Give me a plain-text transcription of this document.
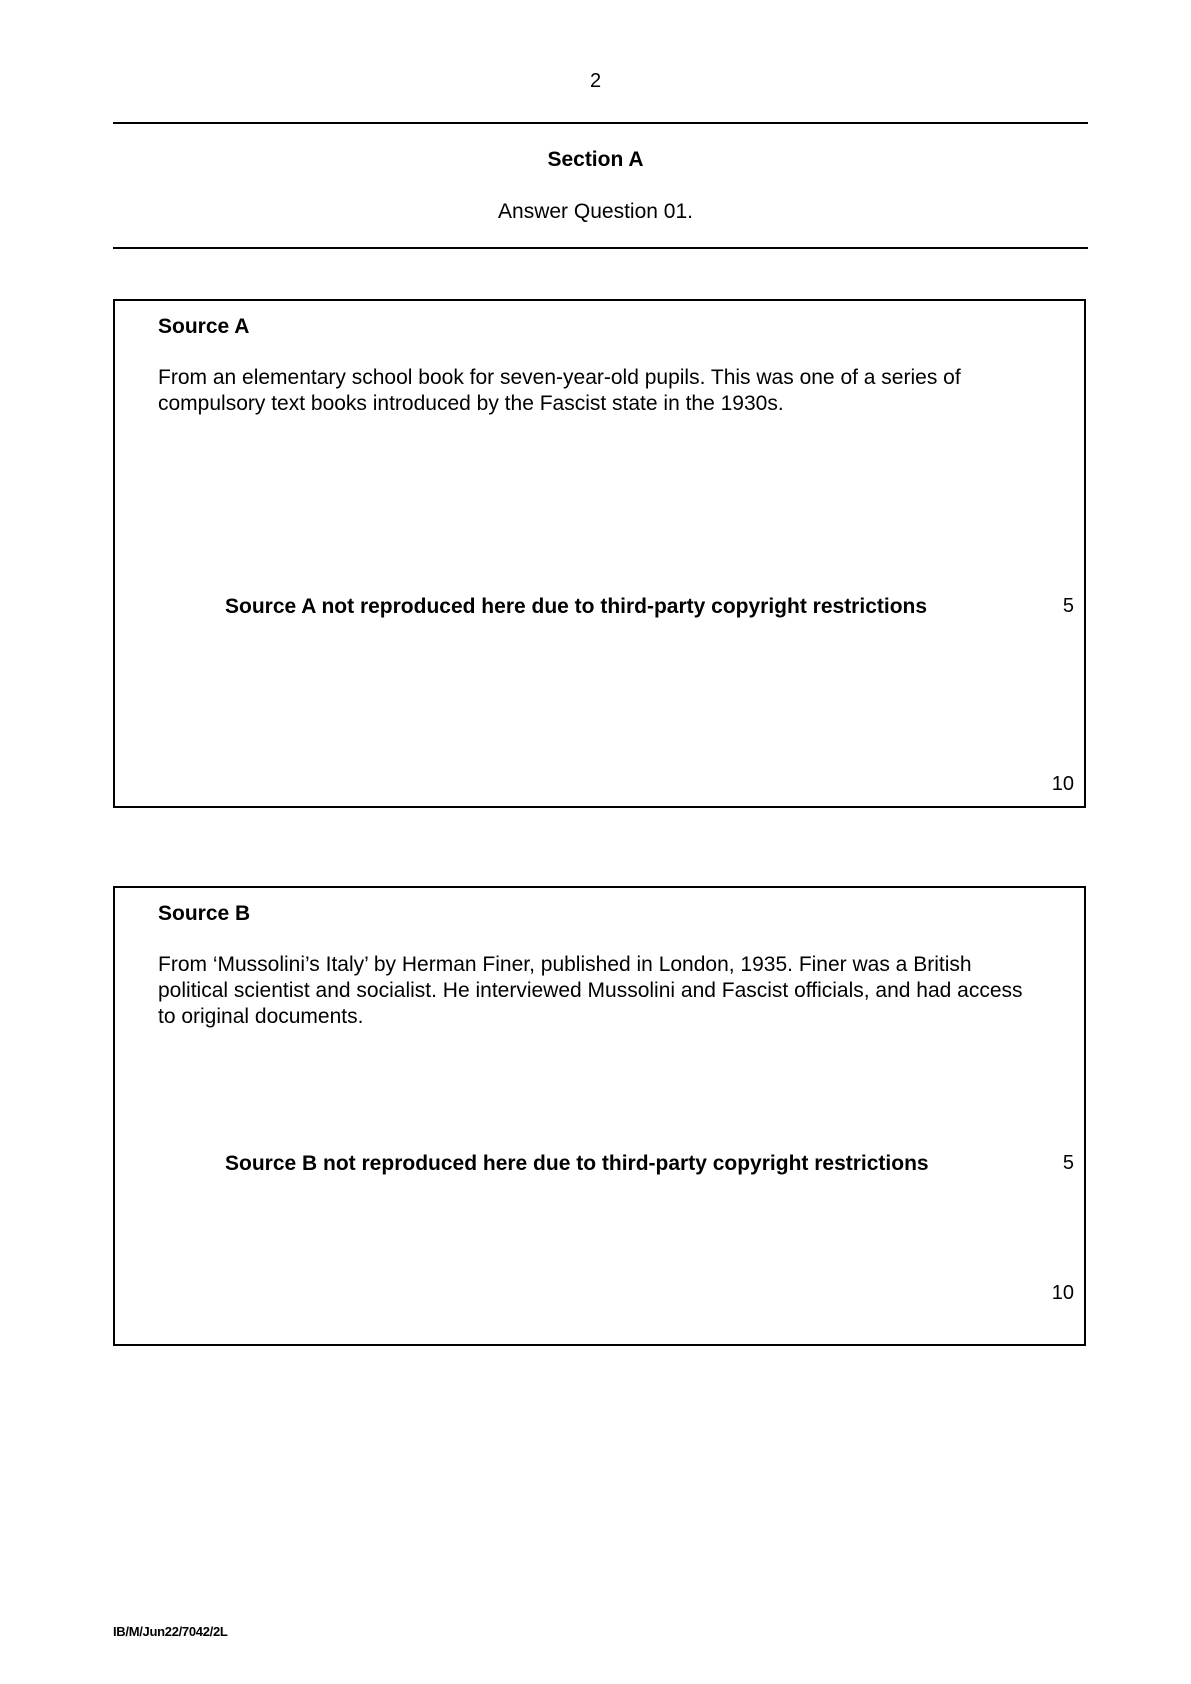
2
Section A
Answer Question 01.
Source A
From an elementary school book for seven-year-old pupils. This was one of a series of compulsory text books introduced by the Fascist state in the 1930s.
Source A not reproduced here due to third-party copyright restrictions	5
10
Source B
From ‘Mussolini’s Italy’ by Herman Finer, published in London, 1935. Finer was a British political scientist and socialist. He interviewed Mussolini and Fascist officials, and had access to original documents.
Source B not reproduced here due to third-party copyright restrictions	5
10
IB/M/Jun22/7042/2L
